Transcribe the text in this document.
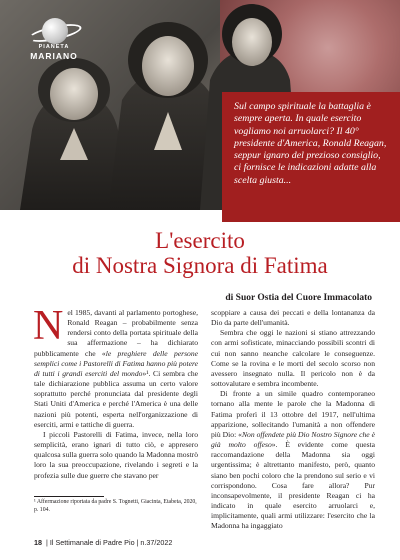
PIANETA
MARIANO

Sul campo spirituale la battaglia è sempre aperta. In quale esercito vogliamo noi arruolarci? Il 40° presidente d'America, Ronald Reagan, seppur ignaro del prezioso consiglio, ci fornisce le indicazioni adatte alla scelta giusta...

L'esercito
di Nostra Signora di Fatima
di Suor Ostia del Cuore Immacolato

Nel 1985, davanti al parlamento portoghese, Ronald Reagan – probabilmente senza rendersi conto della portata spirituale della sua affermazione – ha dichiarato pubblicamente che «le preghiere delle persone semplici come i Pastorelli di Fatima hanno più potere di tutti i grandi eserciti del mondo»¹. Ci sembra che tale dichiarazione pubblica assuma un certo valore soprattutto perché pronunciata dal presidente degli Stati Uniti d'America e perché l'America è una delle nazioni più potenti, esperta nell'organizzazione di eserciti, armi e tattiche di guerra.

I piccoli Pastorelli di Fatima, invece, nella loro semplicità, erano ignari di tutto ciò, e appresero qualcosa sulla guerra solo quando la Madonna mostrò loro la sua preoccupazione, rivelando i segreti e la profezia sulle due guerre che stavano per

¹ Affermazione riportata da padre S. Tognetti, Giacinta, Etabeta, 2020, p. 104.

scoppiare a causa dei peccati e della lontananza da Dio da parte dell'umanità.

Sembra che oggi le nazioni si stiano attrezzando con armi sofisticate, minacciando possibili scontri di cui non sanno neanche calcolare le conseguenze. Come se la rovina e le morti del secolo scorso non avessero insegnato nulla. Il pericolo non è da sottovalutare e sembra incombente.

Di fronte a un simile quadro contemporaneo tornano alla mente le parole che la Madonna di Fatima proferì il 13 ottobre del 1917, nell'ultima apparizione, sollecitando l'umanità a non offendere più Dio: «Non offendete più Dio Nostro Signore che è già molto offeso». È evidente come questa raccomandazione della Madonna sia oggi urgentissima; è altrettanto manifesto, però, quanto siano ben pochi coloro che la prendono sul serio e vi corrispondono. Cosa fare allora? Pur inconsapevolmente, il presidente Reagan ci ha indicato in quale esercito arruolarci e, implicitamente, quali armi utilizzare: l'esercito che la Madonna ha ingaggiato

18 | Il Settimanale di Padre Pio | n.37/2022
